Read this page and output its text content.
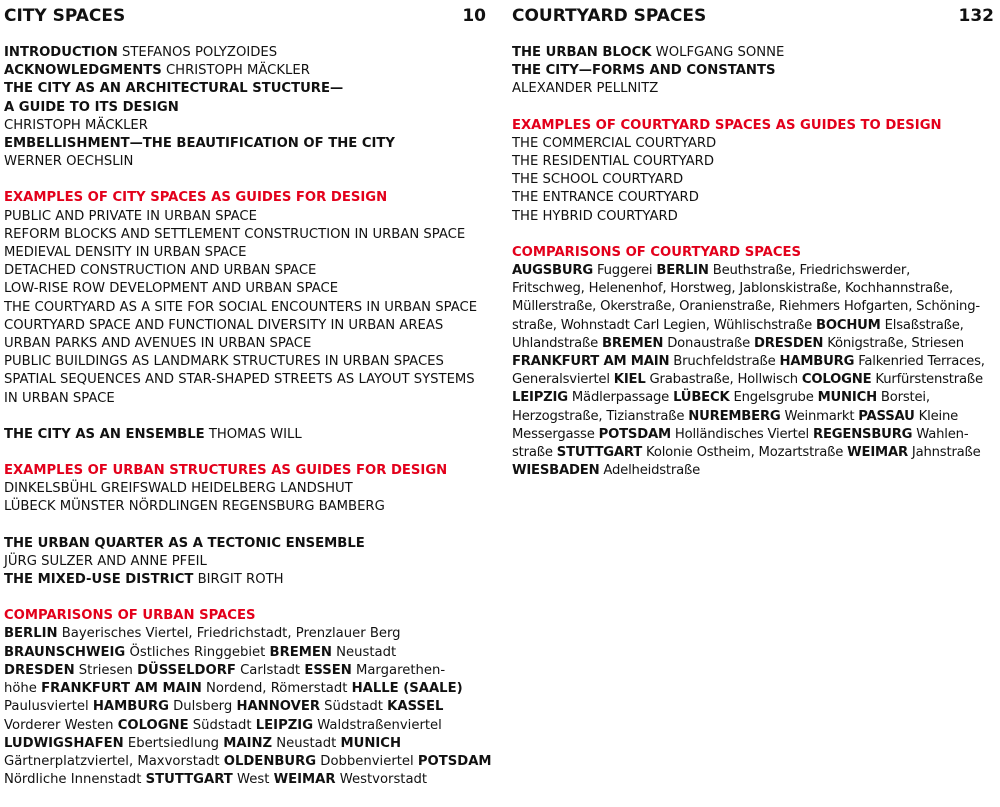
CITY SPACES	10
INTRODUCTION STEFANOS POLYZOIDES
ACKNOWLEDGMENTS CHRISTOPH MÄCKLER
THE CITY AS AN ARCHITECTURAL STUCTURE—
A GUIDE TO ITS DESIGN
CHRISTOPH MÄCKLER
EMBELLISHMENT—THE BEAUTIFICATION OF THE CITY
WERNER OECHSLIN
EXAMPLES OF CITY SPACES AS GUIDES FOR DESIGN
PUBLIC AND PRIVATE IN URBAN SPACE
REFORM BLOCKS AND SETTLEMENT CONSTRUCTION IN URBAN SPACE
MEDIEVAL DENSITY IN URBAN SPACE
DETACHED CONSTRUCTION AND URBAN SPACE
LOW-RISE ROW DEVELOPMENT AND URBAN SPACE
THE COURTYARD AS A SITE FOR SOCIAL ENCOUNTERS IN URBAN SPACE
COURTYARD SPACE AND FUNCTIONAL DIVERSITY IN URBAN AREAS
URBAN PARKS AND AVENUES IN URBAN SPACE
PUBLIC BUILDINGS AS LANDMARK STRUCTURES IN URBAN SPACES
SPATIAL SEQUENCES AND STAR-SHAPED STREETS AS LAYOUT SYSTEMS
IN URBAN SPACE
THE CITY AS AN ENSEMBLE THOMAS WILL
EXAMPLES OF URBAN STRUCTURES AS GUIDES FOR DESIGN
DINKELSBÜHL GREIFSWALD HEIDELBERG LANDSHUT
LÜBECK MÜNSTER NÖRDLINGEN REGENSBURG BAMBERG
THE URBAN QUARTER AS A TECTONIC ENSEMBLE
JÜRG SULZER AND ANNE PFEIL
THE MIXED-USE DISTRICT BIRGIT ROTH
COMPARISONS OF URBAN SPACES
BERLIN Bayerisches Viertel, Friedrichstadt, Prenzlauer Berg
BRAUNSCHWEIG Östliches Ringgebiet BREMEN Neustadt
DRESDEN Striesen DÜSSELDORF Carlstadt ESSEN Margarethen-
höhe FRANKFURT AM MAIN Nordend, Römerstadt HALLE (SAALE)
Paulusviertel HAMBURG Dulsberg HANNOVER Südstadt KASSEL
Vorderer Westen COLOGNE Südstadt LEIPZIG Waldstraßenviertel
LUDWIGSHAFEN Ebertsiedlung MAINZ Neustadt MUNICH
Gärtnerplatzviertel, Maxvorstadt OLDENBURG Dobbenviertel POTSDAM
Nördliche Innenstadt STUTTGART West WEIMAR Westvorstadt
COURTYARD SPACES	132
THE URBAN BLOCK WOLFGANG SONNE
THE CITY—FORMS AND CONSTANTS
ALEXANDER PELLNITZ
EXAMPLES OF COURTYARD SPACES AS GUIDES TO DESIGN
THE COMMERCIAL COURTYARD
THE RESIDENTIAL COURTYARD
THE SCHOOL COURTYARD
THE ENTRANCE COURTYARD
THE HYBRID COURTYARD
COMPARISONS OF COURTYARD SPACES
AUGSBURG Fuggerei BERLIN Beuthstraße, Friedrichswerder,
Fritschweg, Helenenhof, Horstweg, Jablonskistraße, Kochhannstraße,
Müllerstraße, Okerstraße, Oranienstraße, Riehmers Hofgarten, Schöning-
straße, Wohnstadt Carl Legien, Wühlischstraße BOCHUM Elsaßstraße,
Uhlandstraße BREMEN Donaustraße DRESDEN Königstraße, Striesen
FRANKFURT AM MAIN Bruchfeldstraße HAMBURG Falkenried Terraces,
Generalsviertel KIEL Grabastraße, Hollwisch COLOGNE Kurfürstenstraße
LEIPZIG Mädlerpassage LÜBECK Engelsgrube MUNICH Borstei,
Herzogstraße, Tizianstraße NUREMBERG Weinmarkt PASSAU Kleine
Messergasse POTSDAM Holländisches Viertel REGENSBURG Wahlen-
straße STUTTGART Kolonie Ostheim, Mozartstraße WEIMAR Jahnstraße
WIESBADEN Adelheidstraße
